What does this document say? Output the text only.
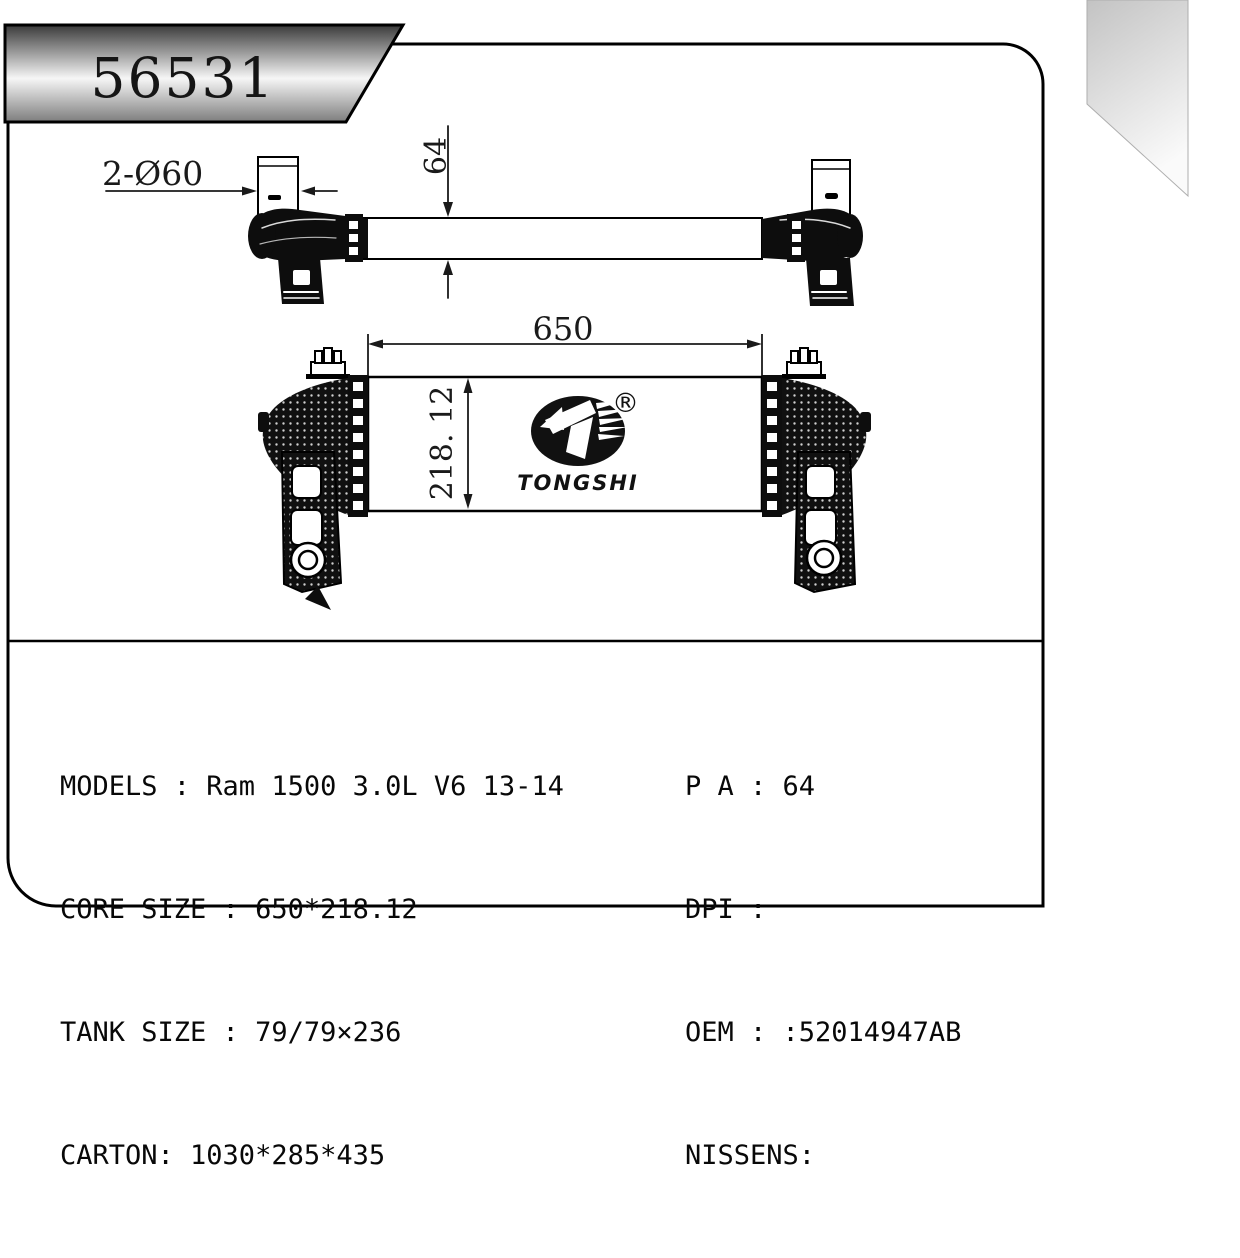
56531
2-Ø60	64
650
218. 12	®
TONGSHI

MODELS : Ram 1500 3.0L V6 13-14

CORE SIZE : 650*218.12

TANK SIZE : 79/79×236

CARTON: 1030*285*435

P A : 64

DPI :

OEM : :52014947AB

NISSENS:
